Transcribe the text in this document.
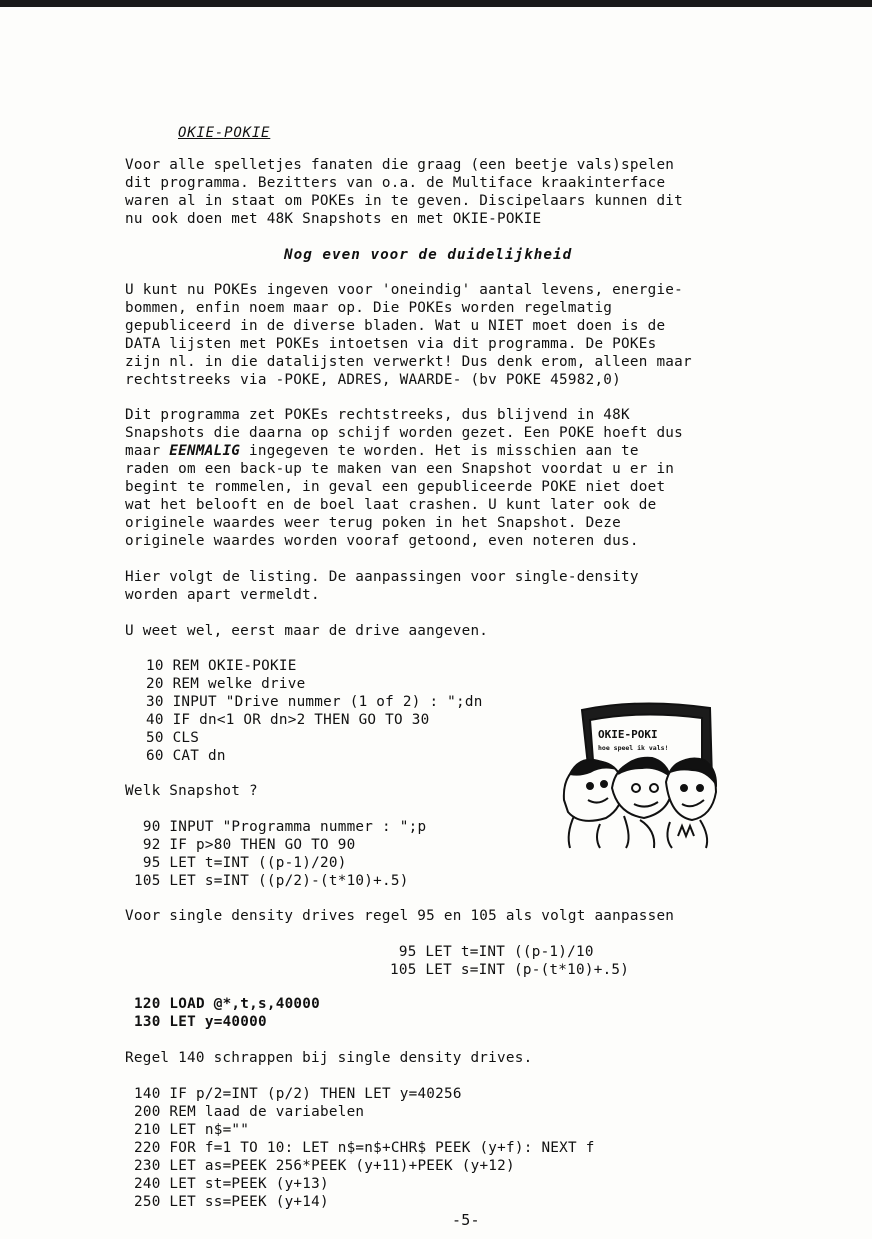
OKIE-POKIE
Voor alle spelletjes fanaten die graag (een beetje vals)spelen
dit programma. Bezitters van o.a. de Multiface kraakinterface
waren al in staat om POKEs in te geven. Discipelaars kunnen dit
nu ook doen met 48K Snapshots en met OKIE-POKIE
Nog even voor de duidelijkheid
U kunt nu POKEs ingeven voor 'oneindig' aantal levens, energie-
bommen, enfin noem maar op. Die POKEs worden regelmatig
gepubliceerd in de diverse bladen. Wat u NIET moet doen is de
DATA lijsten met POKEs intoetsen via dit programma. De POKEs
zijn nl. in die datalijsten verwerkt! Dus denk erom, alleen maar
rechtstreeks via -POKE, ADRES, WAARDE- (bv POKE 45982,0)
Dit programma zet POKEs rechtstreeks, dus blijvend in 48K
Snapshots die daarna op schijf worden gezet. Een POKE hoeft dus
maar EENMALIG ingegeven te worden. Het is misschien aan te
raden om een back-up te maken van een Snapshot voordat u er in
begint te rommelen, in geval een gepubliceerde POKE niet doet
wat het belooft en de boel laat crashen. U kunt later ook de
originele waardes weer terug poken in het Snapshot. Deze
originele waardes worden vooraf getoond, even noteren dus.
Hier volgt de listing. De aanpassingen voor single-density
worden apart vermeldt.
U weet wel, eerst maar de drive aangeven.
10 REM OKIE-POKIE
20 REM welke drive
30 INPUT "Drive nummer (1 of 2) : ";dn
40 IF dn<1 OR dn>2 THEN GO TO 30
50 CLS
60 CAT dn
Welk Snapshot ?
90 INPUT "Programma nummer : ";p
92 IF p>80 THEN GO TO 90
95 LET t=INT ((p-1)/20)
105 LET s=INT ((p/2)-(t*10)+.5)
Voor single density drives regel 95 en 105 als volgt aanpassen
95 LET t=INT ((p-1)/10
105 LET s=INT (p-(t*10)+.5)
120 LOAD @*,t,s,40000
130 LET y=40000
Regel 140 schrappen bij single density drives.
140 IF p/2=INT (p/2) THEN LET y=40256
200 REM laad de variabelen
210 LET n$=""
220 FOR f=1 TO 10: LET n$=n$+CHR$ PEEK (y+f): NEXT f
230 LET as=PEEK 256*PEEK (y+11)+PEEK (y+12)
240 LET st=PEEK (y+13)
250 LET ss=PEEK (y+14)
-5-
OKIE-POKI
hoe speel ik vals!
